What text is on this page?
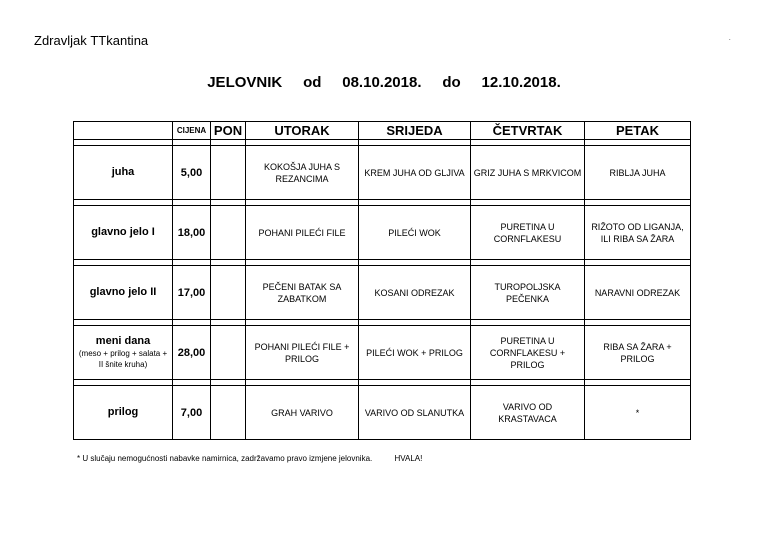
Zdravljak ТТkantina	.
JELOVNIK od 08.10.2018. do 12.10.2018.
	CIJENA	PON	UTORAK	SRIJEDA	ČETVRTAK	PETAK

juha	5,00		KOKOŠJA JUHA S REZANCIMA	KREM JUHA OD GLJIVA	GRIZ JUHA S MRKVICOM	RIBLJA JUHA

glavno jelo I	18,00		POHANI PILEĆI FILE	PILEĆI WOK	PURETINA U CORNFLAKESU	RIŽOTO OD LIGANJA, ILI RIBA SA ŽARA

glavno jelo II	17,00		PEČENI BATAK SA ZABATKOM	KOSANI ODREZAK	TUROPOLJSKA PEČENKA	NARAVNI ODREZAK

meni dana
(meso + prilog + salata + II šnite kruha)	28,00		POHANI PILEĆI FILE + PRILOG	PILEĆI WOK + PRILOG	PURETINA U CORNFLAKESU + PRILOG	RIBA SA ŽARA + PRILOG

prilog	7,00		GRAH VARIVO	VARIVO OD SLANUTKA	VARIVO OD KRASTAVACA	*
* U slučaju nemogućnosti nabavke namirnica, zadržavamo pravo izmjene jelovnika.	HVALA!
